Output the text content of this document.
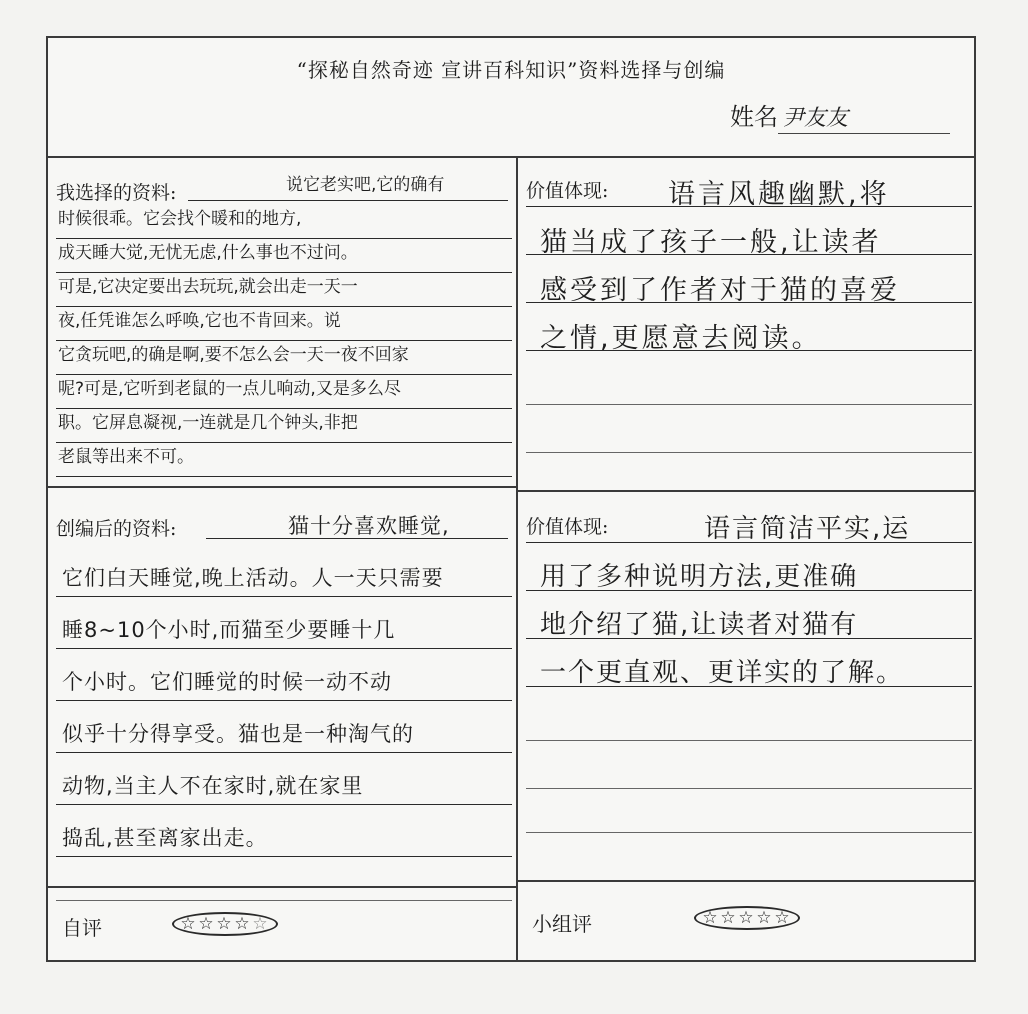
“探秘自然奇迹 宣讲百科知识”资料选择与创编
姓名 尹友友
我选择的资料:	说它老实吧,它的确有
时候很乖。它会找个暖和的地方,
成天睡大觉,无忧无虑,什么事也不过问。
可是,它决定要出去玩玩,就会出走一天一
夜,任凭谁怎么呼唤,它也不肯回来。说
它贪玩吧,的确是啊,要不怎么会一天一夜不回家
呢?可是,它听到老鼠的一点儿响动,又是多么尽
职。它屏息凝视,一连就是几个钟头,非把
老鼠等出来不可。
价值体现: 语言风趣幽默,将
猫当成了孩子一般,让读者
感受到了作者对于猫的喜爱
之情,更愿意去阅读。
创编后的资料:	猫十分喜欢睡觉,
它们白天睡觉,晚上活动。人一天只需要
睡8~10个小时,而猫至少要睡十几
个小时。它们睡觉的时候一动不动
似乎十分得享受。猫也是一种淘气的
动物,当主人不在家时,就在家里
捣乱,甚至离家出走。
价值体现:	语言简洁平实,运
用了多种说明方法,更准确
地介绍了猫,让读者对猫有
一个更直观、更详实的了解。
自评	☆ ☆ ☆ ☆ ☆	小组评	☆ ☆ ☆ ☆ ☆
